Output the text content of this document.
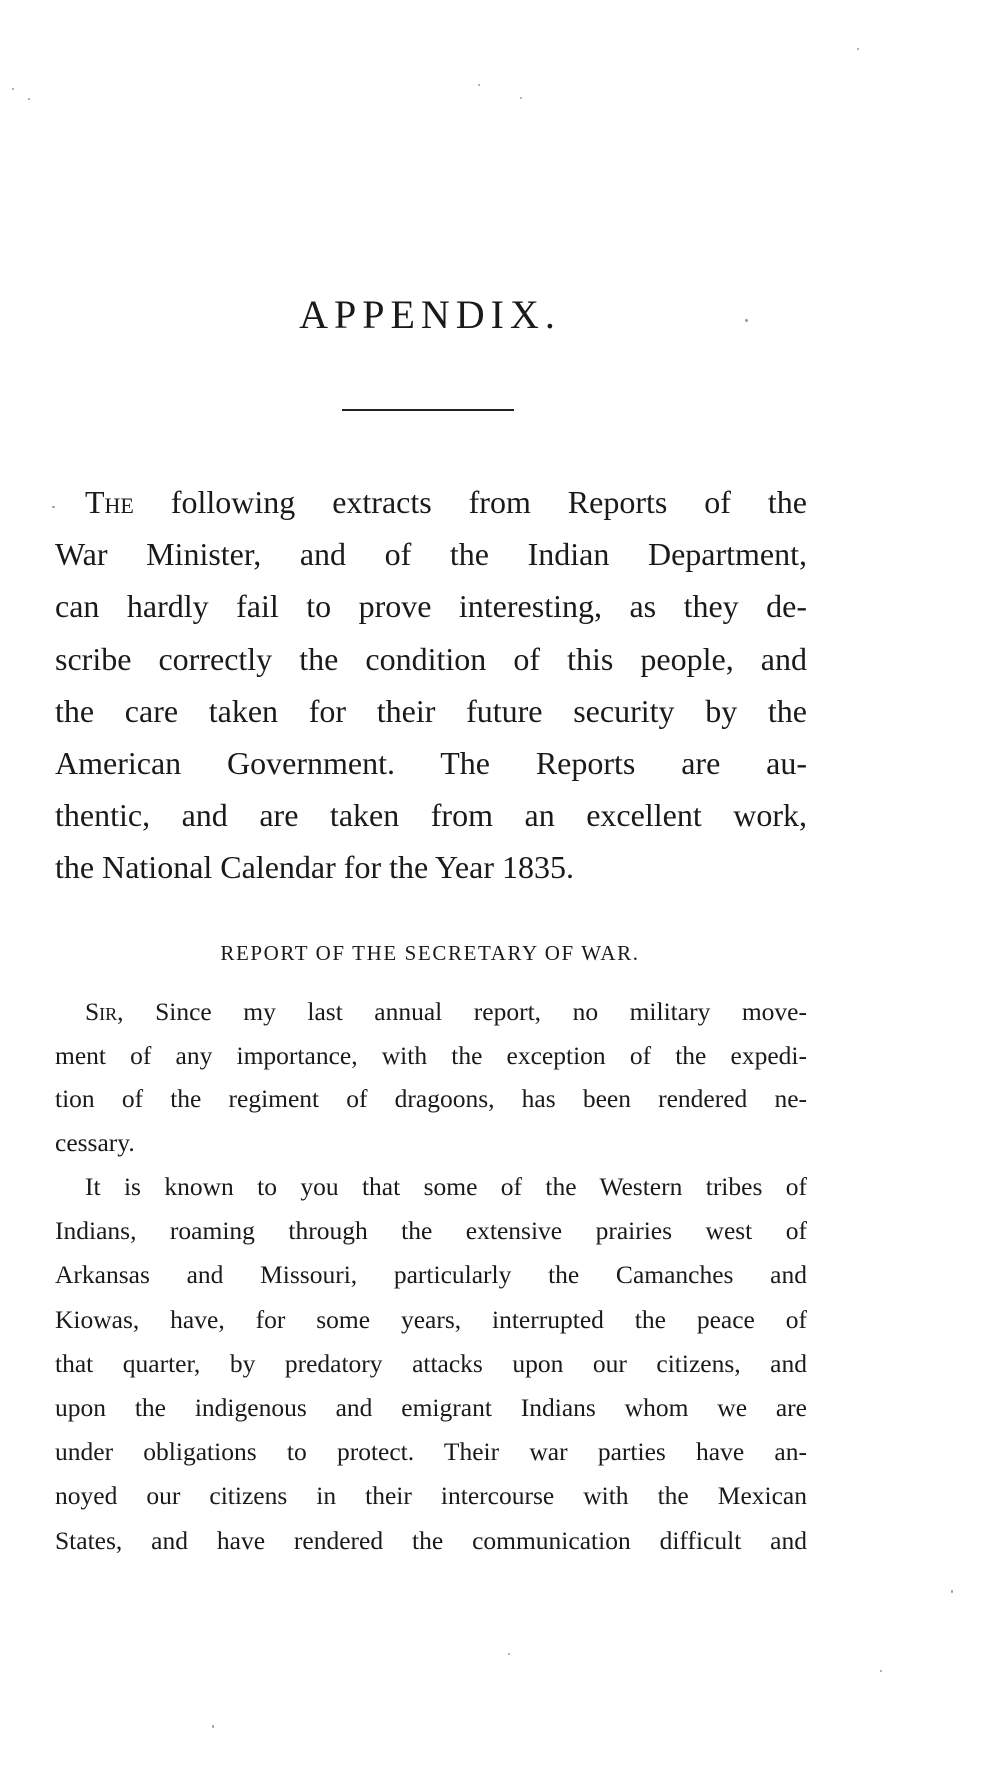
APPENDIX.

The following extracts from Reports of the
War Minister, and of the Indian Department,
can hardly fail to prove interesting, as they de-
scribe correctly the condition of this people, and
the care taken for their future security by the
American Government. The Reports are au-
thentic, and are taken from an excellent work,
the National Calendar for the Year 1835.

REPORT OF THE SECRETARY OF WAR.

Sir, Since my last annual report, no military move-
ment of any importance, with the exception of the expedi-
tion of the regiment of dragoons, has been rendered ne-
cessary.

It is known to you that some of the Western tribes of
Indians, roaming through the extensive prairies west of
Arkansas and Missouri, particularly the Camanches and
Kiowas, have, for some years, interrupted the peace of
that quarter, by predatory attacks upon our citizens, and
upon the indigenous and emigrant Indians whom we are
under obligations to protect. Their war parties have an-
noyed our citizens in their intercourse with the Mexican
States, and have rendered the communication difficult and
